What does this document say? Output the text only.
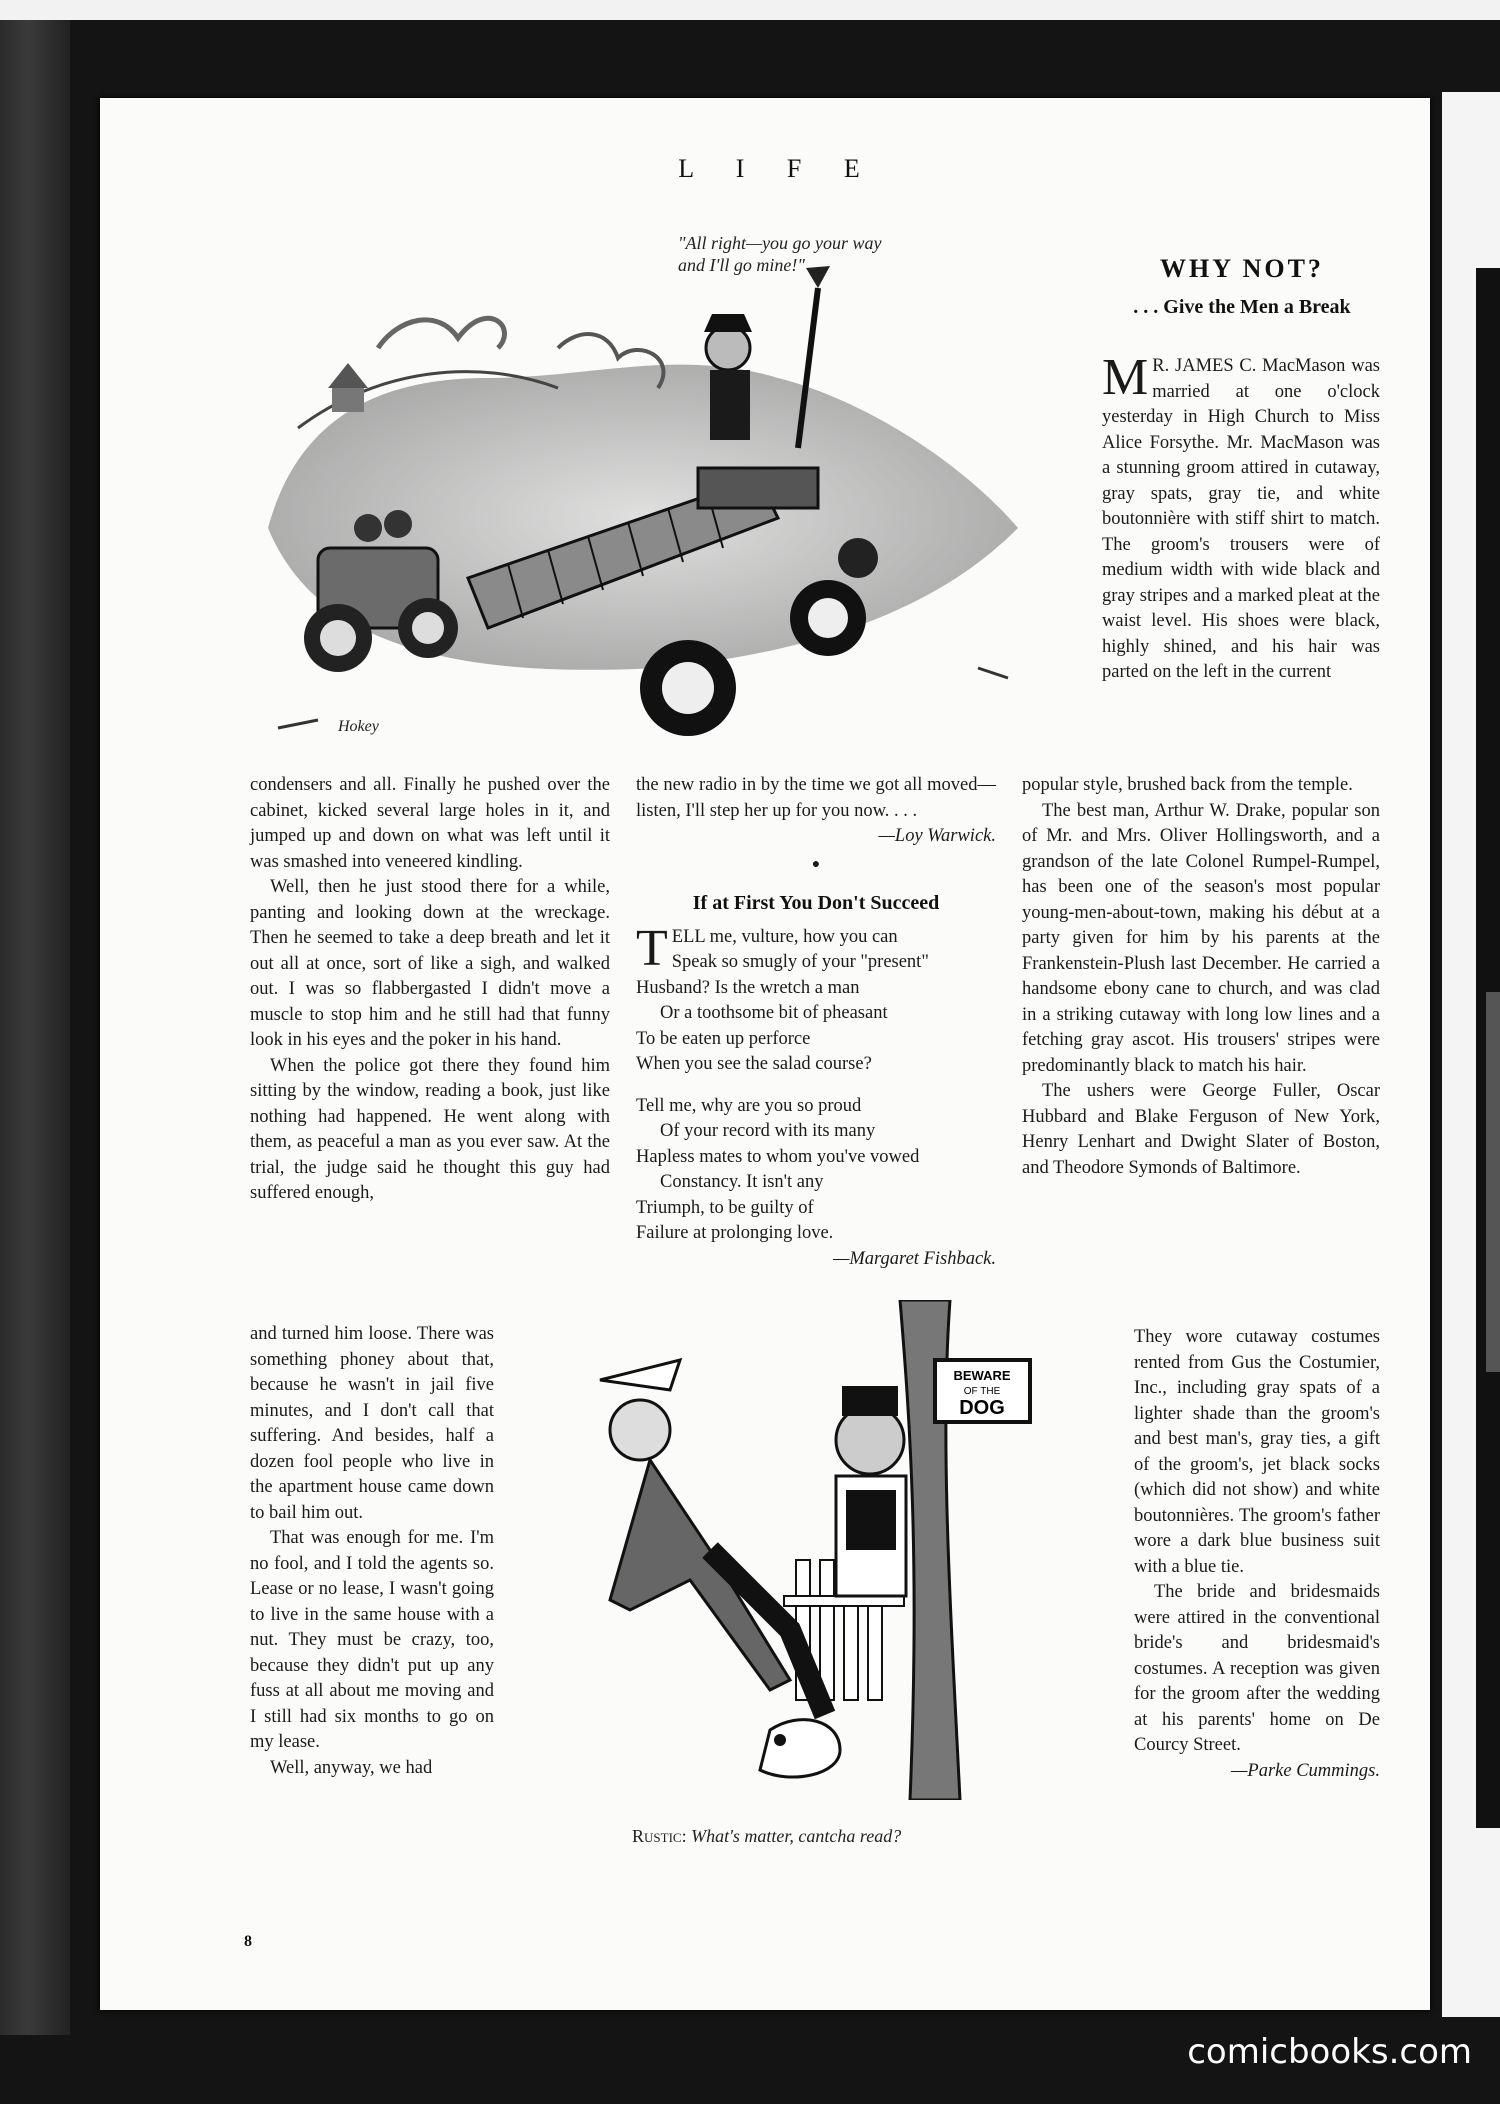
L I F E
"All right—you go your way
and I'll go mine!"
Hokey

condensers and all. Finally he pushed over the cabinet, kicked several large holes in it, and jumped up and down on what was left until it was smashed into veneered kindling.

Well, then he just stood there for a while, panting and looking down at the wreckage. Then he seemed to take a deep breath and let it out all at once, sort of like a sigh, and walked out. I was so flabbergasted I didn't move a muscle to stop him and he still had that funny look in his eyes and the poker in his hand.

When the police got there they found him sitting by the window, reading a book, just like nothing had happened. He went along with them, as peaceful a man as you ever saw. At the trial, the judge said he thought this guy had suffered enough,

and turned him loose. There was something phoney about that, because he wasn't in jail five minutes, and I don't call that suffering. And besides, half a dozen fool people who live in the apartment house came down to bail him out.

That was enough for me. I'm no fool, and I told the agents so. Lease or no lease, I wasn't going to live in the same house with a nut. They must be crazy, too, because they didn't put up any fuss at all about me moving and I still had six months to go on my lease.

Well, anyway, we had

the new radio in by the time we got all moved—listen, I'll step her up for you now. . . .

—Loy Warwick.

●
If at First You Don't Succeed

TELL me, vulture, how you can

Speak so smugly of your "present"

Husband? Is the wretch a man

Or a toothsome bit of pheasant

To be eaten up perforce

When you see the salad course?

Tell me, why are you so proud

Of your record with its many

Hapless mates to whom you've vowed

Constancy. It isn't any

Triumph, to be guilty of

Failure at prolonging love.

—Margaret Fishback.

BEWARE
OF THE
DOG
Rustic: What's matter, cantcha read?
WHY NOT?
. . . Give the Men a Break

M R. JAMES C. MacMason was married at one o'clock yesterday in High Church to Miss Alice Forsythe. Mr. MacMason was a stunning groom attired in cutaway, gray spats, gray tie, and white boutonnière with stiff shirt to match. The groom's trousers were of medium width with wide black and gray stripes and a marked pleat at the waist level. His shoes were black, highly shined, and his hair was parted on the left in the current

popular style, brushed back from the temple.

The best man, Arthur W. Drake, popular son of Mr. and Mrs. Oliver Hollingsworth, and a grandson of the late Colonel Rumpel-Rumpel, has been one of the season's most popular young-men-about-town, making his début at a party given for him by his parents at the Frankenstein-Plush last December. He carried a handsome ebony cane to church, and was clad in a striking cutaway with long low lines and a fetching gray ascot. His trousers' stripes were predominantly black to match his hair.

The ushers were George Fuller, Oscar Hubbard and Blake Ferguson of New York, Henry Lenhart and Dwight Slater of Boston, and Theodore Symonds of Baltimore.

They wore cutaway costumes rented from Gus the Costumier, Inc., including gray spats of a lighter shade than the groom's and best man's, gray ties, a gift of the groom's, jet black socks (which did not show) and white boutonnières. The groom's father wore a dark blue business suit with a blue tie.

The bride and bridesmaids were attired in the conventional bride's and bridesmaid's costumes. A reception was given for the groom after the wedding at his parents' home on De Courcy Street.

—Parke Cummings.

8
comicbooks.com
